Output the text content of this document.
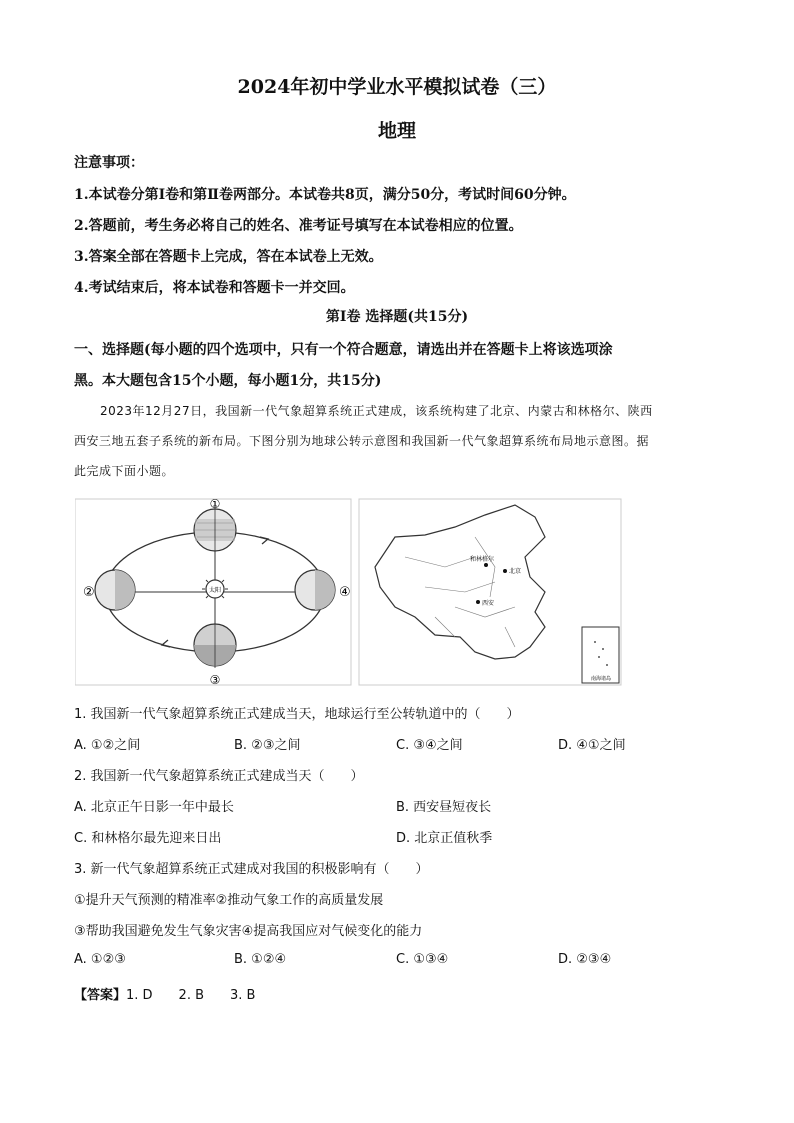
2024年初中学业水平模拟试卷（三）
地理
注意事项：
1.本试卷分第Ⅰ卷和第Ⅱ卷两部分。本试卷共8页，满分50分，考试时间60分钟。
2.答题前，考生务必将自己的姓名、准考证号填写在本试卷相应的位置。
3.答案全部在答题卡上完成，答在本试卷上无效。
4.考试结束后，将本试卷和答题卡一并交回。
第Ⅰ卷 选择题(共15分)
一、选择题(每小题的四个选项中，只有一个符合题意，请选出并在答题卡上将该选项涂
黑。本大题包含15个小题，每小题1分，共15分)
2023年12月27日，我国新一代气象超算系统正式建成，该系统构建了北京、内蒙古和林格尔、陕西
西安三地五套子系统的新布局。下图分别为地球公转示意图和我国新一代气象超算系统布局地示意图。据
此完成下面小题。
太阳
①
②	④
③
和林格尔
北京
西安
南海诸岛
1. 我国新一代气象超算系统正式建成当天，地球运行至公转轨道中的（　　）
A. ①②之间	B. ②③之间	C. ③④之间	D. ④①之间
2. 我国新一代气象超算系统正式建成当天（　　）
A. 北京正午日影一年中最长	B. 西安昼短夜长
C. 和林格尔最先迎来日出	D. 北京正值秋季
3. 新一代气象超算系统正式建成对我国的积极影响有（　　）
①提升天气预测的精准率②推动气象工作的高质量发展
③帮助我国避免发生气象灾害④提高我国应对气候变化的能力
A. ①②③	B. ①②④	C. ①③④	D. ②③④
【答案】1. D　　2. B　　3. B
